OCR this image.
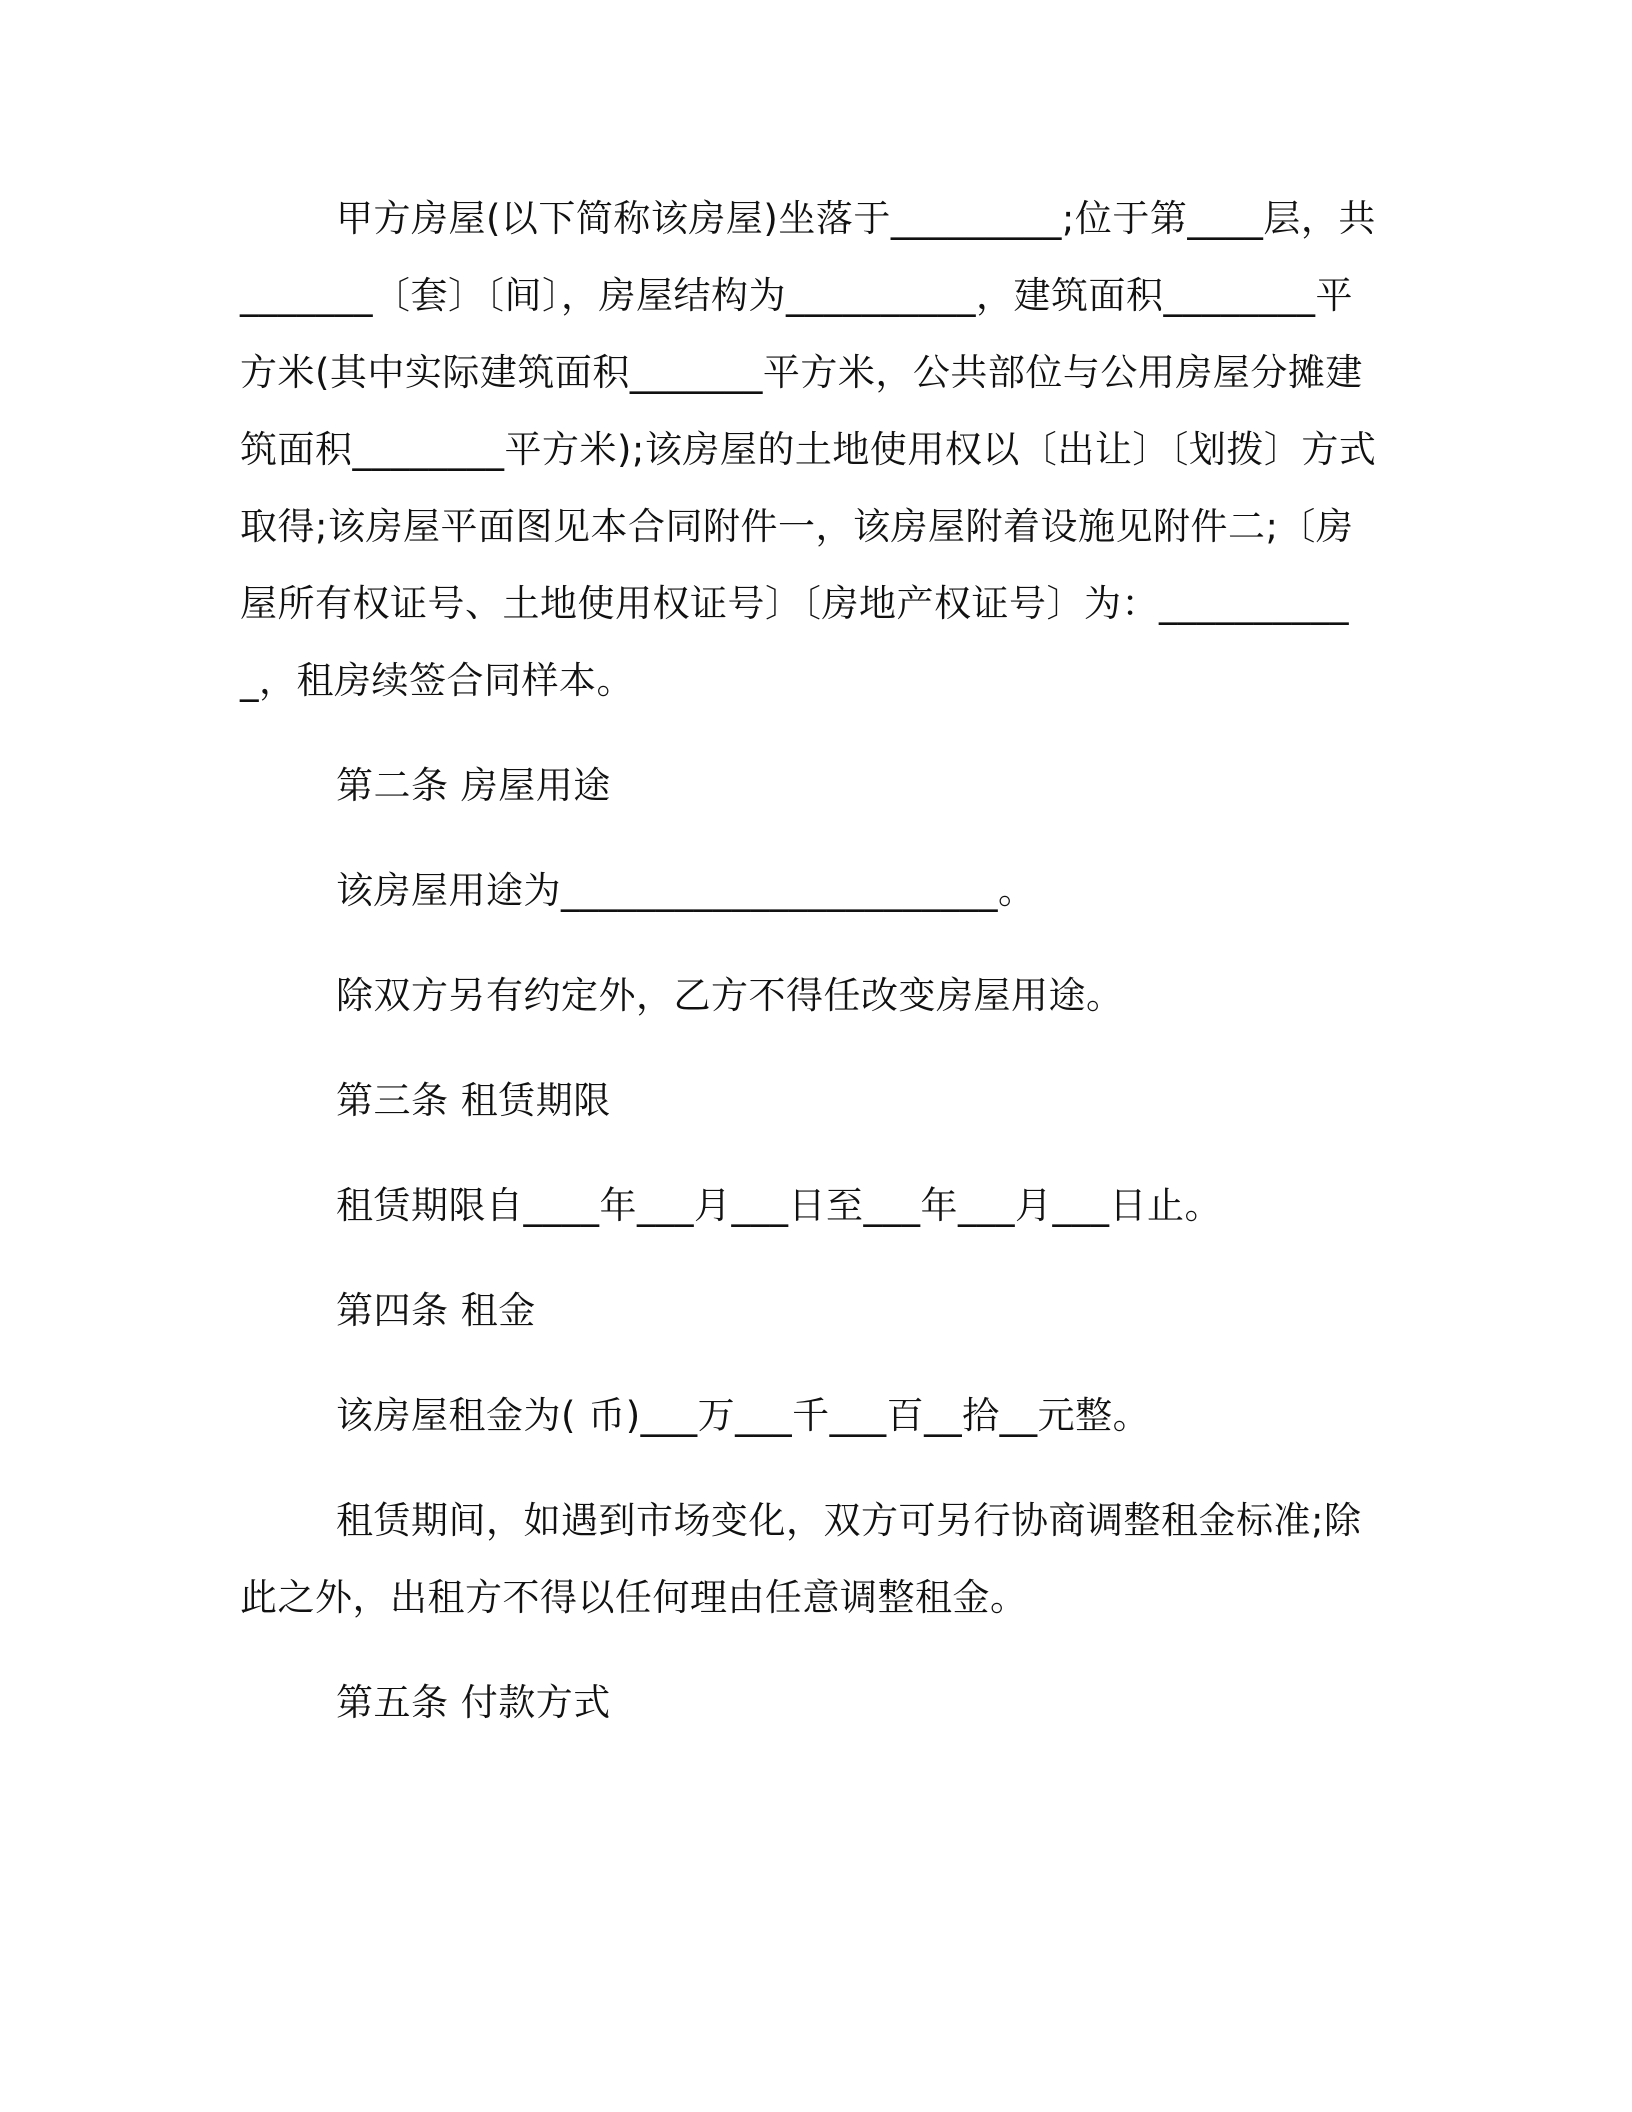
甲方房屋(以下简称该房屋)坐落于_________;位于第____层，共_______〔套〕〔间〕，房屋结构为__________，建筑面积________平方米(其中实际建筑面积_______平方米，公共部位与公用房屋分摊建筑面积________平方米);该房屋的土地使用权以〔出让〕〔划拨〕方式取得;该房屋平面图见本合同附件一，该房屋附着设施见附件二;〔房屋所有权证号、土地使用权证号〕〔房地产权证号〕为：___________，租房续签合同样本。

第二条 房屋用途

该房屋用途为_______________________。

除双方另有约定外，乙方不得任改变房屋用途。

第三条 租赁期限

租赁期限自____年___月___日至___年___月___日止。

第四条 租金

该房屋租金为( 币)___万___千___百__拾__元整。

租赁期间，如遇到市场变化，双方可另行协商调整租金标准;除此之外，出租方不得以任何理由任意调整租金。

第五条 付款方式
